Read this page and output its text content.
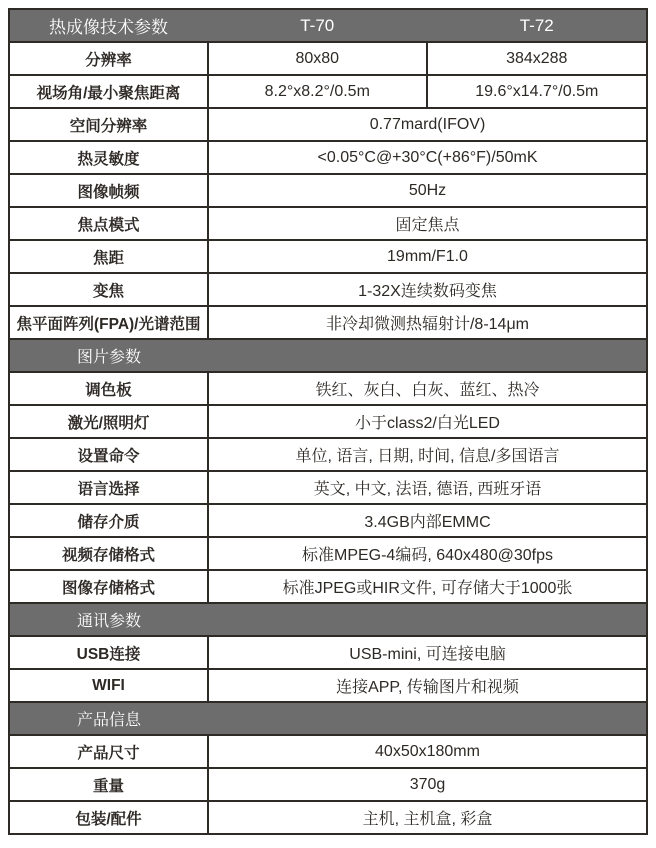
热成像技术参数	T-70	T-72
分辨率	80x80	384x288
视场角/最小聚焦距离	8.2°x8.2°/0.5m	19.6°x14.7°/0.5m
空间分辨率	0.77mard(IFOV)
热灵敏度	<0.05°C@+30°C(+86°F)/50mK
图像帧频	50Hz
焦点模式	固定焦点
焦距	19mm/F1.0
变焦	1-32X连续数码变焦
焦平面阵列(FPA)/光谱范围	非冷却微测热辐射计/8-14μm
图片参数
调色板	铁红、灰白、白灰、蓝红、热冷
激光/照明灯	小于class2/白光LED
设置命令	单位, 语言, 日期, 时间, 信息/多国语言
语言选择	英文, 中文, 法语, 德语, 西班牙语
储存介质	3.4GB内部EMMC
视频存储格式	标准MPEG-4编码, 640x480@30fps
图像存储格式	标准JPEG或HIR文件, 可存储大于1000张
通讯参数
USB连接	USB-mini, 可连接电脑
WIFI	连接APP, 传输图片和视频
产品信息
产品尺寸	40x50x180mm
重量	370g
包装/配件	主机, 主机盒, 彩盒
